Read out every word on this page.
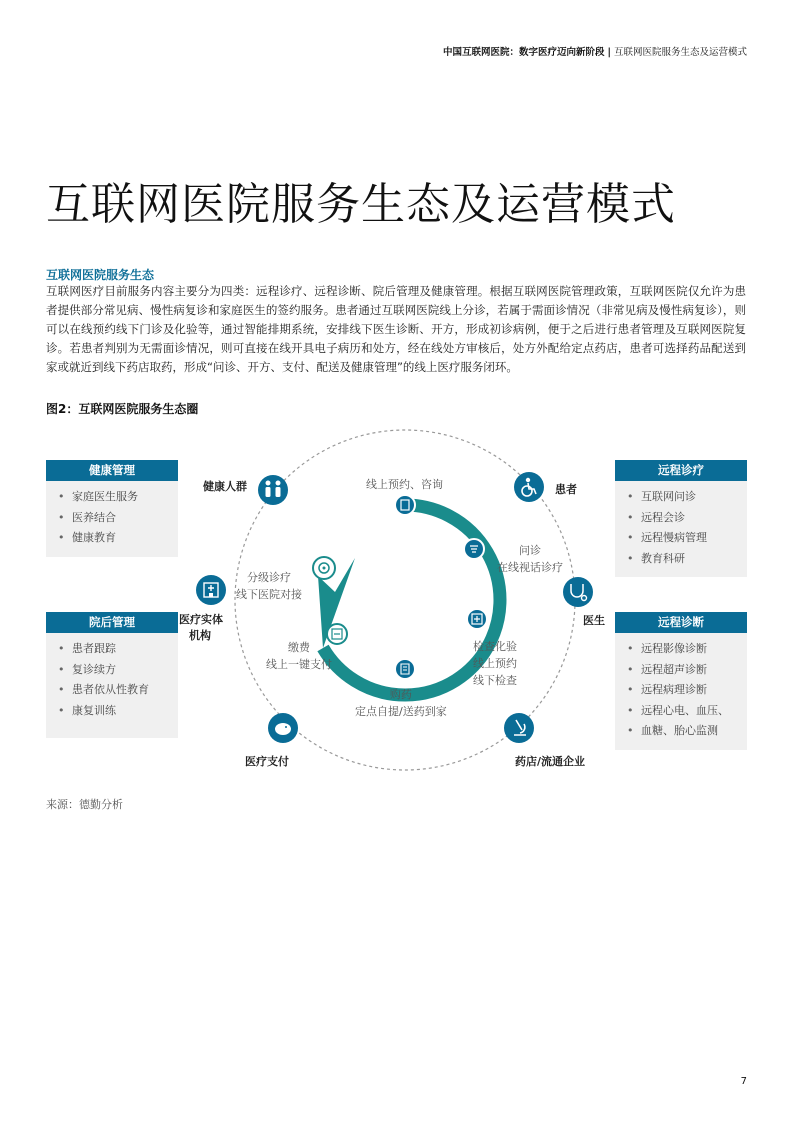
中国互联网医院：数字医疗迈向新阶段 | 互联网医院服务生态及运营模式
互联网医院服务生态及运营模式
互联网医院服务生态
互联网医疗目前服务内容主要分为四类：远程诊疗、远程诊断、院后管理及健康管理。根据互联网医院管理政策，互联网医院仅允许为患者提供部分常见病、慢性病复诊和家庭医生的签约服务。患者通过互联网医院线上分诊，若属于需面诊情况（非常见病及慢性病复诊），则可以在线预约线下门诊及化验等，通过智能排期系统，安排线下医生诊断、开方，形成初诊病例，便于之后进行患者管理及互联网医院复诊。若患者判别为无需面诊情况，则可直接在线开具电子病历和处方，经在线处方审核后，处方外配给定点药店，患者可选择药品配送到家或就近到线下药店取药，形成“问诊、开方、支付、配送及健康管理”的线上医疗服务闭环。
图2：互联网医院服务生态圈
健康管理
• 家庭医生服务
• 医养结合
• 健康教育
院后管理
• 患者跟踪
• 复诊续方
• 患者依从性教育
• 康复训练
远程诊疗
• 互联网问诊
• 远程会诊
• 远程慢病管理
• 教育科研
远程诊断
• 远程影像诊断
• 远程超声诊断
• 远程病理诊断
• 远程心电、血压、
• 血糖、胎心监测
健康人群	患者
医疗实体
机构
医生
医疗支付	药店/流通企业
线上预约、咨询
问诊
在线视话诊疗
检查化验
线上预约
线下检查
购药
定点自提/送药到家
缴费
线上一键支付
分级诊疗
线下医院对接
来源：德勤分析
7
